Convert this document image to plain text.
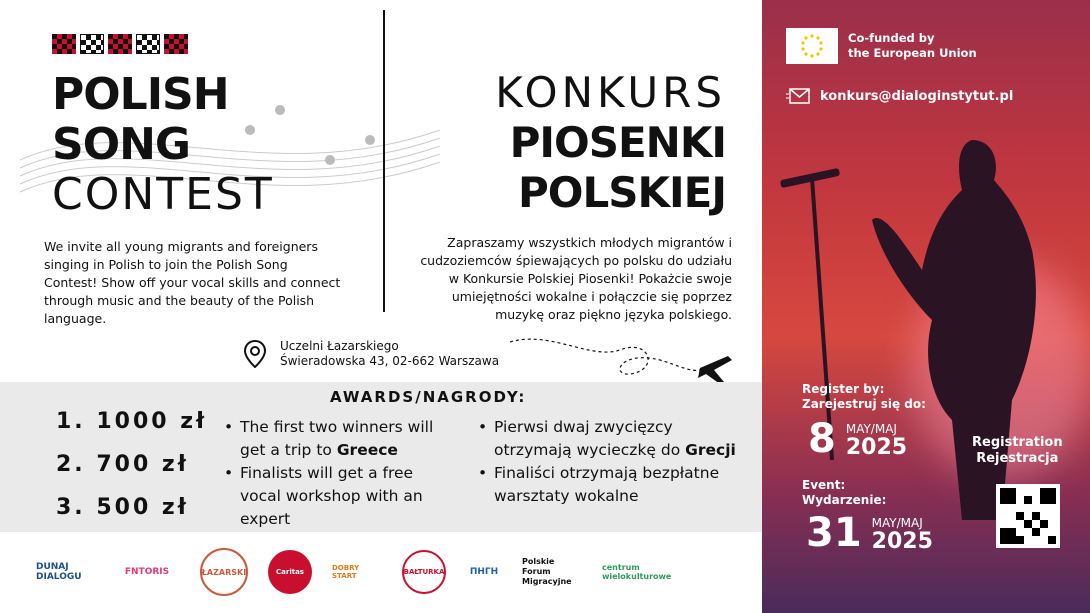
POLISH
SONG
CONTEST
KONKURS
PIOSENKI
POLSKIEJ

We invite all young migrants and foreigners singing in Polish to join the Polish Song Contest! Show off your vocal skills and connect through music and the beauty of the Polish language.

Zapraszamy wszystkich młodych migrantów i cudzoziemców śpiewających po polsku do udziału w Konkursie Polskiej Piosenki! Pokażcie swoje umiejętności wokalne i połączcie się poprzez muzykę oraz piękno języka polskiego.

Uczelni Łazarskiego
Świeradowska 43, 02-662 Warszawa
AWARDS/NAGRODY:
1. 1000 zł
2. 700 zł
3. 500 zł
• The first two winners will get a trip to Greece
• Finalists will get a free vocal workshop with an expert
• Pierwsi dwaj zwycięzcy otrzymają wycieczkę do Grecji
• Finaliści otrzymają bezpłatne warsztaty wokalne
DUNAJ DIALOGU	FNTORIS	ŁAZARSKI	Caritas	DOBRY START	BAŁTURKA	ПНГН
Polskie Forum Migracyjne
centrum wielokulturowe
Co-funded by
the European Union
konkurs@dialoginstytut.pl
Register by:
Zarejestruj się do:
8 MAY/MAJ
2025
Event:
Wydarzenie:
31 MAY/MAJ
2025
Registration
Rejestracja
